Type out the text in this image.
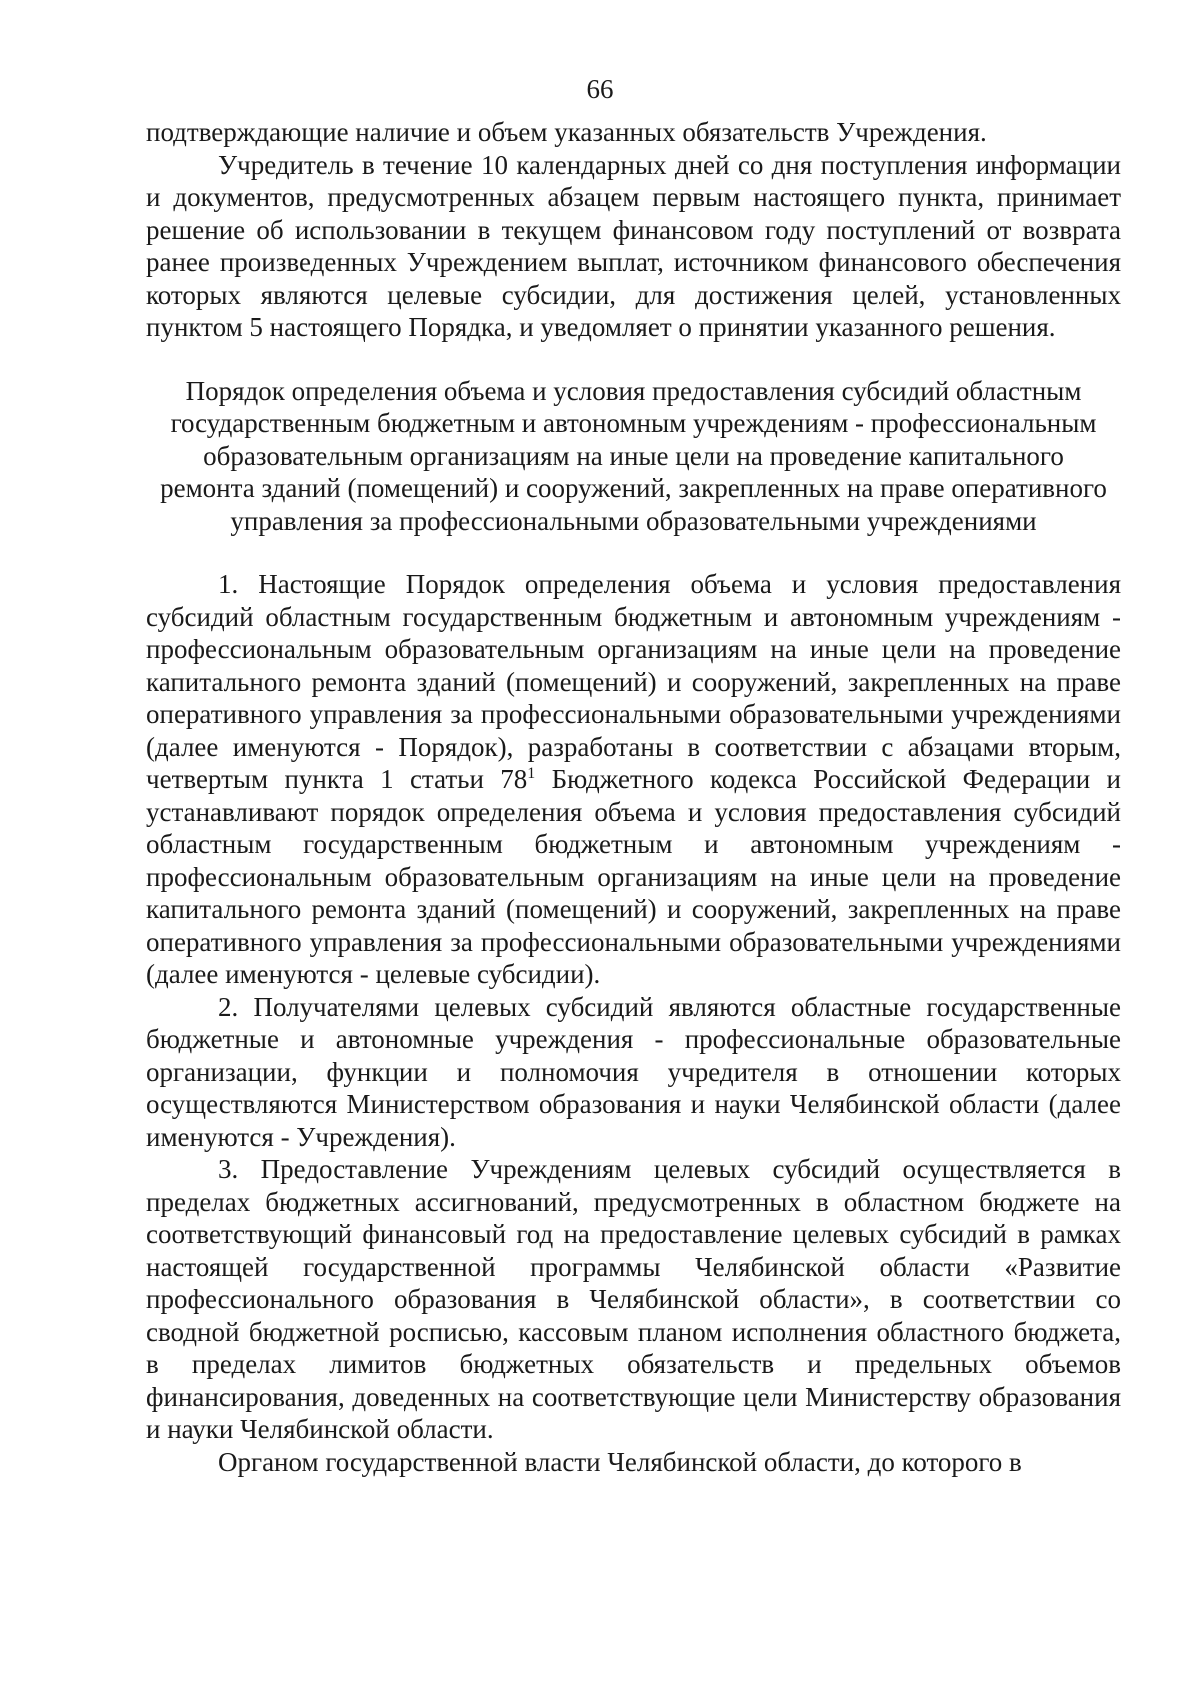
66

подтверждающие наличие и объем указанных обязательств Учреждения.

Учредитель в течение 10 календарных дней со дня поступления информации и документов, предусмотренных абзацем первым настоящего пункта, принимает решение об использовании в текущем финансовом году поступлений от возврата ранее произведенных Учреждением выплат, источником финансового обеспечения которых являются целевые субсидии, для достижения целей, установленных пунктом 5 настоящего Порядка, и уведомляет о принятии указанного решения.

Порядок определения объема и условия предоставления субсидий областным государственным бюджетным и автономным учреждениям - профессиональным образовательным организациям на иные цели на проведение капитального ремонта зданий (помещений) и сооружений, закрепленных на праве оперативного управления за профессиональными образовательными учреждениями

1. Настоящие Порядок определения объема и условия предоставления субсидий областным государственным бюджетным и автономным учреждениям - профессиональным образовательным организациям на иные цели на проведение капитального ремонта зданий (помещений) и сооружений, закрепленных на праве оперативного управления за профессиональными образовательными учреждениями (далее именуются - Порядок), разработаны в соответствии с абзацами вторым, четвертым пункта 1 статьи $78^1$ Бюджетного кодекса Российской Федерации и устанавливают порядок определения объема и условия предоставления субсидий областным государственным бюджетным и автономным учреждениям - профессиональным образовательным организациям на иные цели на проведение капитального ремонта зданий (помещений) и сооружений, закрепленных на праве оперативного управления за профессиональными образовательными учреждениями (далее именуются - целевые субсидии).

2. Получателями целевых субсидий являются областные государственные бюджетные и автономные учреждения - профессиональные образовательные организации, функции и полномочия учредителя в отношении которых осуществляются Министерством образования и науки Челябинской области (далее именуются - Учреждения).

3. Предоставление Учреждениям целевых субсидий осуществляется в пределах бюджетных ассигнований, предусмотренных в областном бюджете на соответствующий финансовый год на предоставление целевых субсидий в рамках настоящей государственной программы Челябинской области «Развитие профессионального образования в Челябинской области», в соответствии со сводной бюджетной росписью, кассовым планом исполнения областного бюджета, в пределах лимитов бюджетных обязательств и предельных объемов финансирования, доведенных на соответствующие цели Министерству образования и науки Челябинской области.

Органом государственной власти Челябинской области, до которого в
